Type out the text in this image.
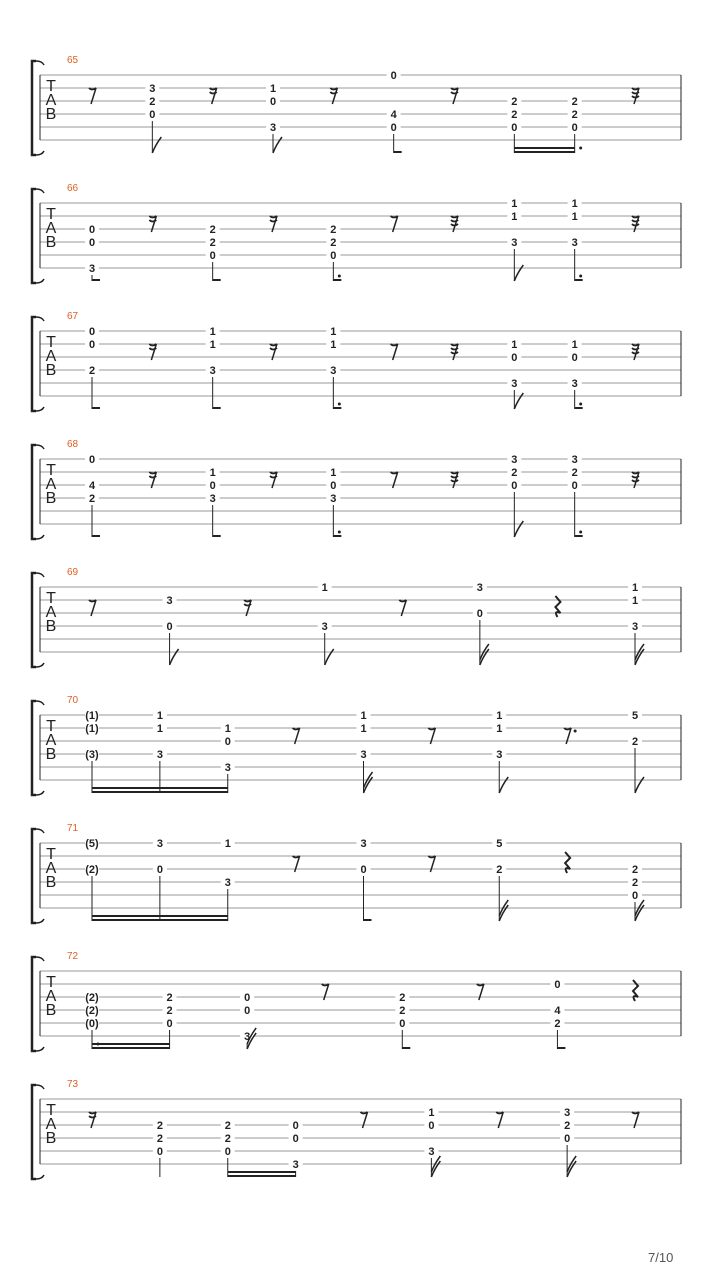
65
T
A
B
3
2
0
1
0
3
0
4
0
2
2
0
2
2
0
66
T
A
B
0
0
3
2
2
0
2
2
0
1
1
3
1
1
3
67
T
A
B
0
0
2
1
1
3
1
1
3
1
0
3
1
0
3
68
T
A
B
0
4
2
1
0
3
1
0
3
3
2
0
3
2
0
69
T
A
B
3
0
1
3
3
0
1
1
3
70
T
A
B
(1)
(1)
(3)
1
1
3
1
0
3
1
1
3
1
1
3
5
2
71
T
A
B
(5)
(2)
3
0
1
3
3
0
5
2	2
2
0
72
T
A
B
(2)
(2)
(0)
2
2
0
0
0
3
2
2
0
0
4
2
73
T
A
B
2
2
0
2
2
0
0
0
3
1
0
3
3
2
0
7/10
